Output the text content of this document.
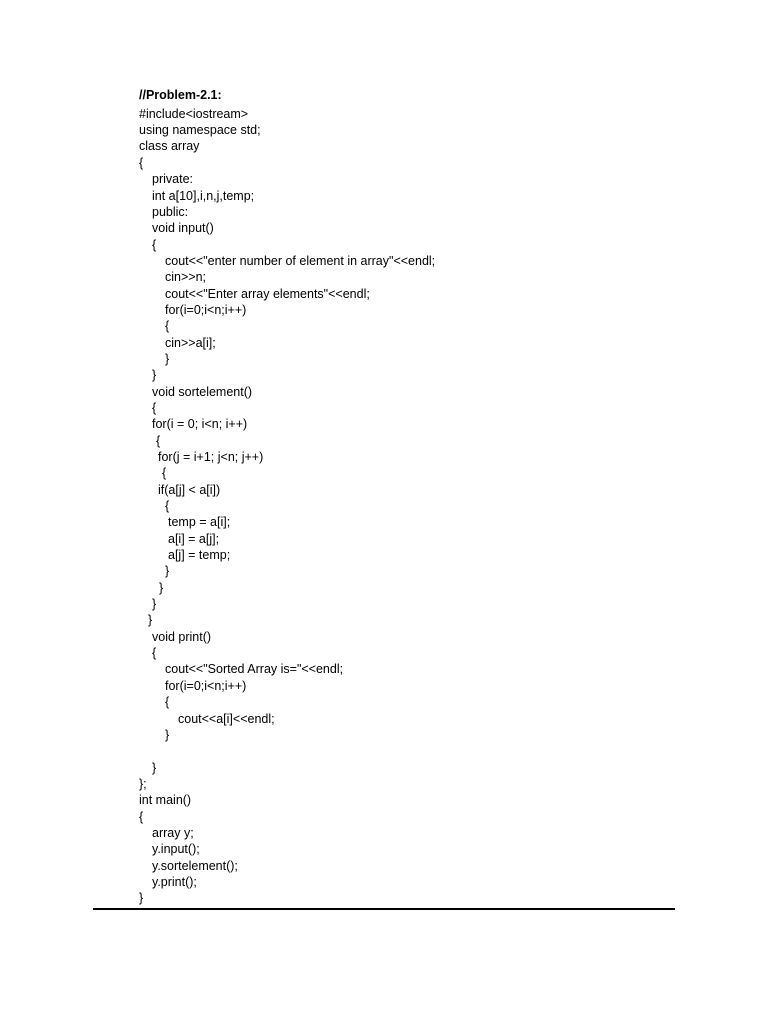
//Problem-2.1:
#include<iostream>
using namespace std;
class array
{
private:
int a[10],i,n,j,temp;
public:
void input()
{
cout<<"enter number of element in array"<<endl;
cin>>n;
cout<<"Enter array elements"<<endl;
for(i=0;i<n;i++)
{
cin>>a[i];
}
}
void sortelement()
{
for(i = 0; i<n; i++)
{
for(j = i+1; j<n; j++)
{
if(a[j] < a[i])
{
temp = a[i];
a[i] = a[j];
a[j] = temp;
}
}
}
}
void print()
{
cout<<"Sorted Array is="<<endl;
for(i=0;i<n;i++)
{
cout<<a[i]<<endl;
}
}
};
int main()
{
array y;
y.input();
y.sortelement();
y.print();
}
